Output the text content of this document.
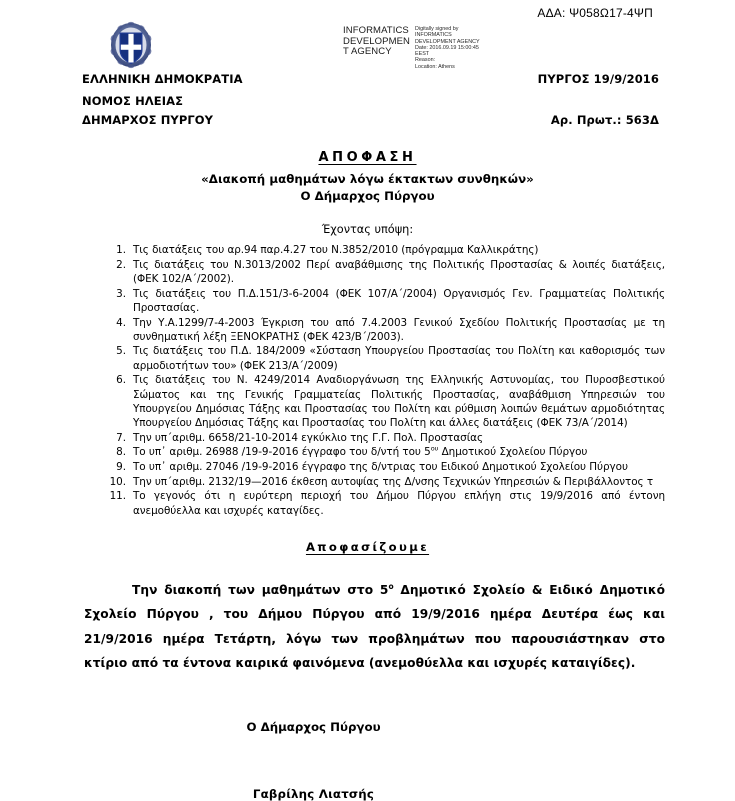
INFORMATICS DEVELOPMEN T AGENCY
Digitally signed by
INFORMATICS
DEVELOPMENT AGENCY
Date: 2016.09.19 15:00:45
EEST
Reason:
Location: Athens
ΑΔΑ: Ψ058Ω17-4ΨΠ
ΕΛΛΗΝΙΚΗ ΔΗΜΟΚΡΑΤΙΑ	ΠΥΡΓΟΣ 19/9/2016
ΝΟΜΟΣ ΗΛΕΙΑΣ
ΔΗΜΑΡΧΟΣ ΠΥΡΓΟΥ	Αρ. Πρωτ.: 563Δ
ΑΠΟΦΑΣΗ
«Διακοπή μαθημάτων λόγω έκτακτων συνθηκών»
Ο Δήμαρχος Πύργου
Έχοντας υπόψη:
1. Τις διατάξεις του αρ.94 παρ.4.27 του Ν.3852/2010 (πρόγραμμα Καλλικράτης)
2. Τις διατάξεις του Ν.3013/2002 Περί αναβάθμισης της Πολιτικής Προστασίας & λοιπές διατάξεις, (ΦΕΚ 102/Α΄/2002).
3. Τις διατάξεις του Π.Δ.151/3-6-2004 (ΦΕΚ 107/Α΄/2004) Οργανισμός Γεν. Γραμματείας Πολιτικής Προστασίας.
4. Την Υ.Α.1299/7-4-2003 Έγκριση του από 7.4.2003 Γενικού Σχεδίου Πολιτικής Προστασίας με τη συνθηματική λέξη ΞΕΝΟΚΡΑΤΗΣ (ΦΕΚ 423/Β΄/2003).
5. Τις διατάξεις του Π.Δ. 184/2009 «Σύσταση Υπουργείου Προστασίας του Πολίτη και καθορισμός των αρμοδιοτήτων του» (ΦΕΚ 213/Α΄/2009)
6. Τις διατάξεις του Ν. 4249/2014 Αναδιοργάνωση της Ελληνικής Αστυνομίας, του Πυροσβεστικού Σώματος και της Γενικής Γραμματείας Πολιτικής Προστασίας, αναβάθμιση Υπηρεσιών του Υπουργείου Δημόσιας Τάξης και Προστασίας του Πολίτη και ρύθμιση λοιπών θεμάτων αρμοδιότητας Υπουργείου Δημόσιας Τάξης και Προστασίας του Πολίτη και άλλες διατάξεις (ΦΕΚ 73/Α΄/2014)
7. Την υπ΄αριθμ. 6658/21-10-2014 εγκύκλιο της Γ.Γ. Πολ. Προστασίας
8. Το υπ᾽ αριθμ. 26988 /19-9-2016 έγγραφο του δ/ντή του $5^{o\upsilon}$ Δημοτικού Σχολείου Πύργου
9. Το υπ᾽ αριθμ. 27046 /19-9-2016 έγγραφο της δ/ντριας του Ειδικού Δημοτικού Σχολείου Πύργου
10. Την υπ΄αριθμ. 2132/19—2016 έκθεση αυτοψίας της Δ/νσης Τεχνικών Υπηρεσιών & Περιβάλλοντος τ
11. Το γεγονός ότι η ευρύτερη περιοχή του Δήμου Πύργου επλήγη στις 19/9/2016 από έντονη ανεμοθύελλα και ισχυρές καταγίδες.
Αποφασίζουμε
Την διακοπή των μαθημάτων στο $5^o$ Δημοτικό Σχολείο & Ειδικό Δημοτικό Σχολείο Πύργου , του Δήμου Πύργου από 19/9/2016 ημέρα Δευτέρα έως και 21/9/2016 ημέρα Τετάρτη, λόγω των προβλημάτων που παρουσιάστηκαν στο κτίριο από τα έντονα καιρικά φαινόμενα (ανεμοθύελλα και ισχυρές καταιγίδες).
Ο Δήμαρχος Πύργου
Γαβρίλης Λιατσής
